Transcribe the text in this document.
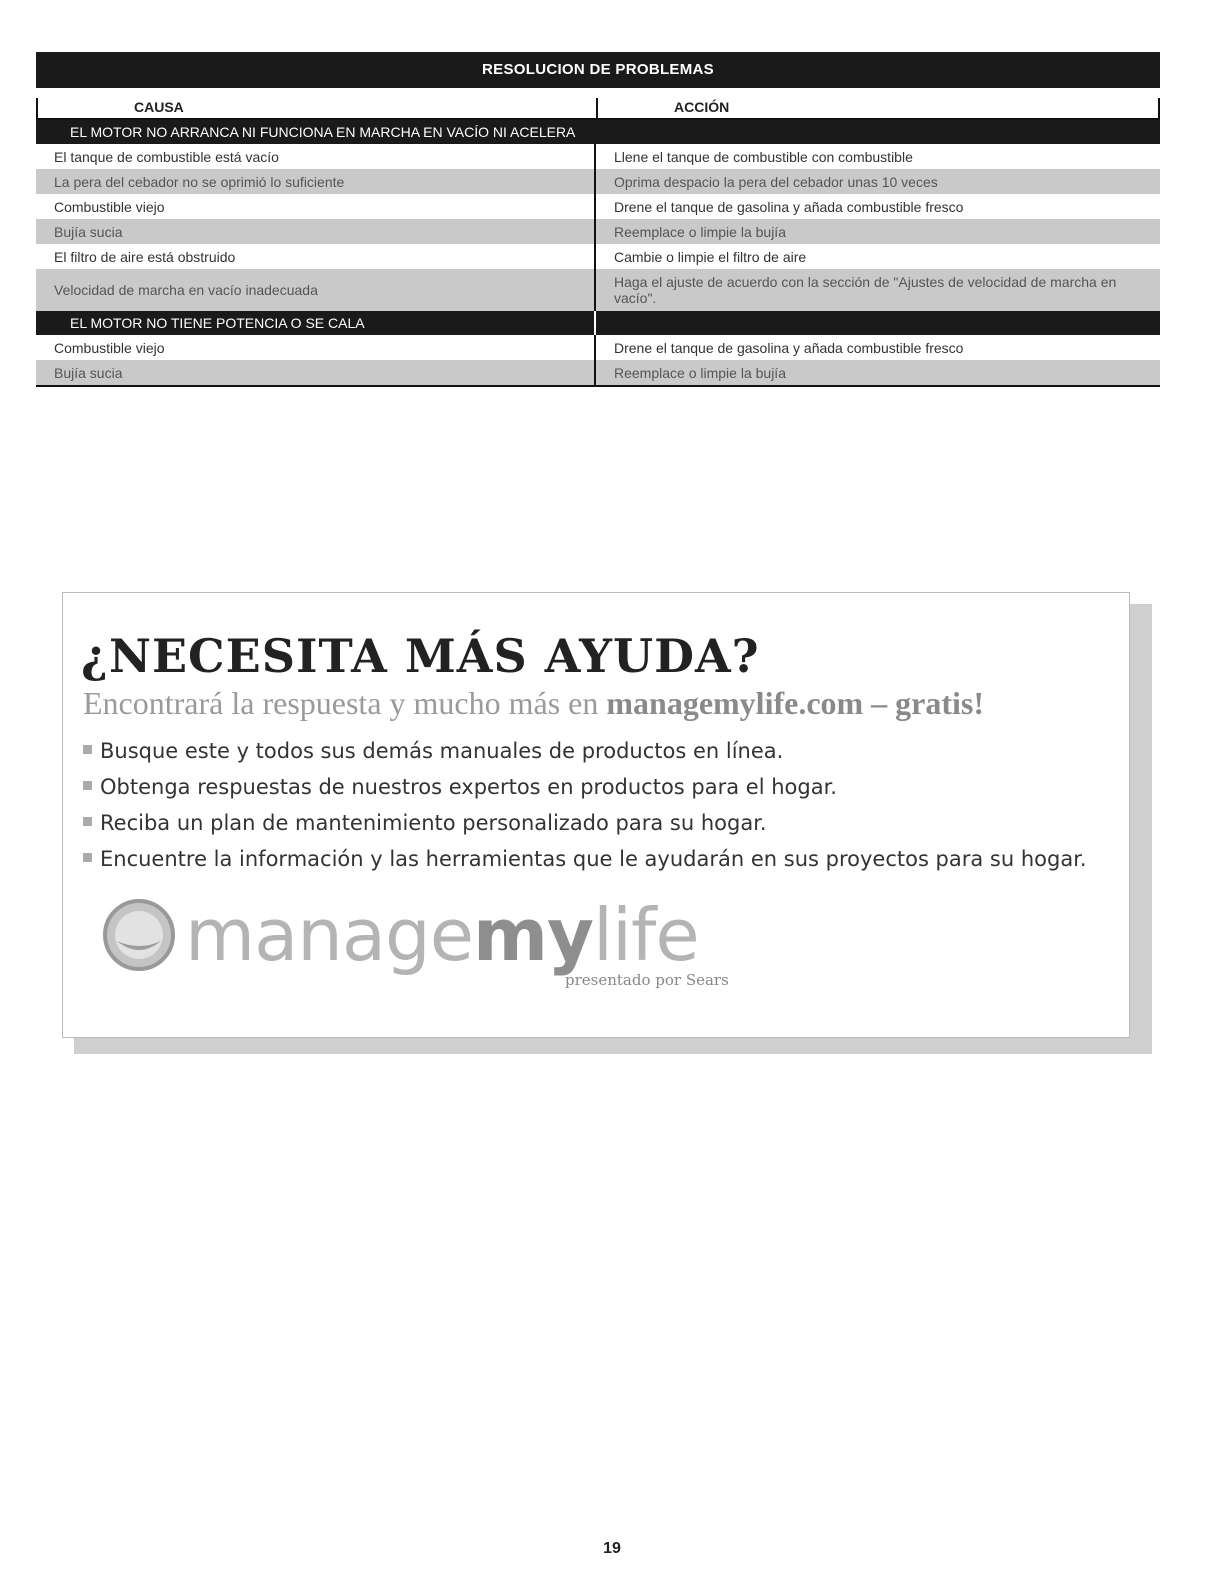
RESOLUCION DE PROBLEMAS
CAUSA	ACCIÓN
EL MOTOR NO ARRANCA NI FUNCIONA EN MARCHA EN VACÍO NI ACELERA
El tanque de combustible está vacío	Llene el tanque de combustible con combustible
La pera del cebador no se oprimió lo suficiente	Oprima despacio la pera del cebador unas 10 veces
Combustible viejo	Drene el tanque de gasolina y añada combustible fresco
Bujía sucia	Reemplace o limpie la bujía
El filtro de aire está obstruido	Cambie o limpie el filtro de aire
Velocidad de marcha en vacío inadecuada	Haga el ajuste de acuerdo con la sección de "Ajustes de velocidad de marcha en vacío".
EL MOTOR NO TIENE POTENCIA O SE CALA
Combustible viejo	Drene el tanque de gasolina y añada combustible fresco
Bujía sucia	Reemplace o limpie la bujía
¿NECESITA MÁS AYUDA?
Encontrará la respuesta y mucho más en managemylife.com – gratis!
Busque este y todos sus demás manuales de productos en línea.
Obtenga respuestas de nuestros expertos en productos para el hogar.
Reciba un plan de mantenimiento personalizado para su hogar.
Encuentre la información y las herramientas que le ayudarán en sus proyectos para su hogar.
managemylife
presentado por Sears
19
